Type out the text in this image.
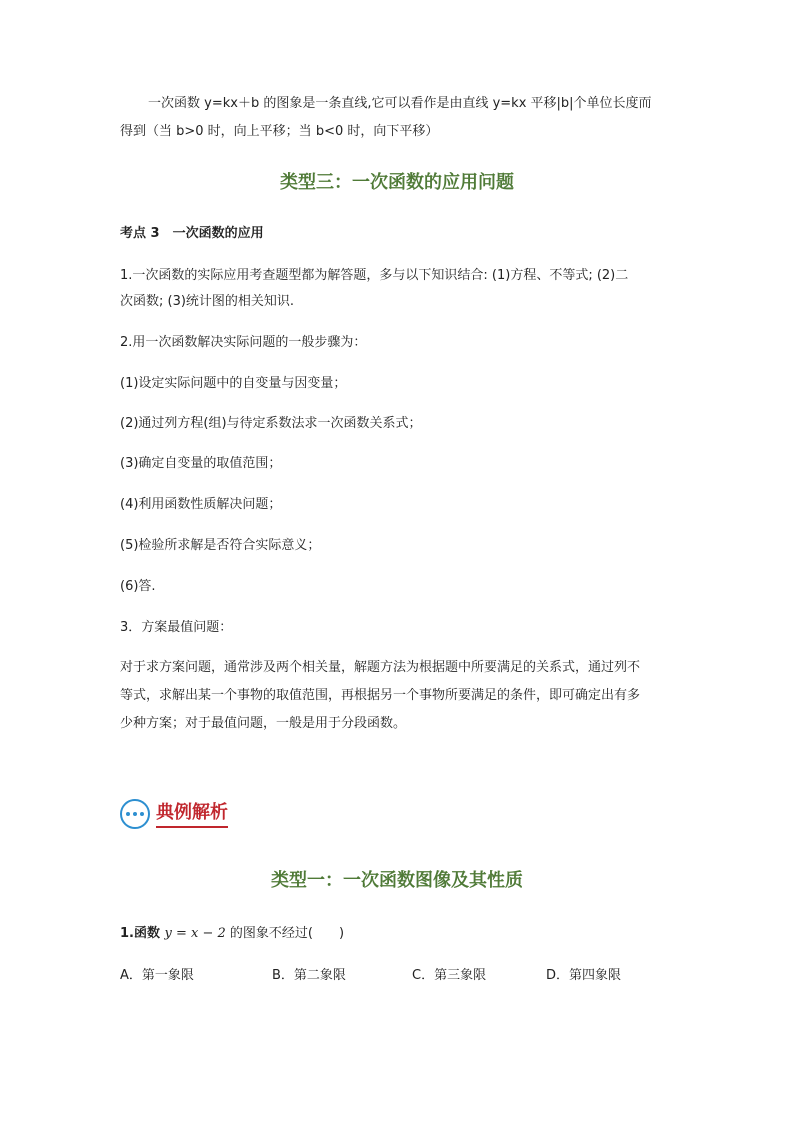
一次函数 y=kx＋b 的图象是一条直线,它可以看作是由直线 y=kx 平移|b|个单位长度而

得到（当 b>0 时，向上平移；当 b<0 时，向下平移）

类型三：一次函数的应用问题

考点 3　一次函数的应用

1.一次函数的实际应用考查题型都为解答题，多与以下知识结合: (1)方程、不等式; (2)二

次函数; (3)统计图的相关知识.

2.用一次函数解决实际问题的一般步骤为：

(1)设定实际问题中的自变量与因变量；

(2)通过列方程(组)与待定系数法求一次函数关系式；

(3)确定自变量的取值范围；

(4)利用函数性质解决问题；

(5)检验所求解是否符合实际意义；

(6)答.

3．方案最值问题：

对于求方案问题，通常涉及两个相关量，解题方法为根据题中所要满足的关系式，通过列不

等式，求解出某一个事物的取值范围，再根据另一个事物所要满足的条件，即可确定出有多

少种方案；对于最值问题，一般是用于分段函数。

典例解析
类型一：一次函数图像及其性质

1.函数 y = x − 2 的图象不经过(　　)

A．第一象限	B．第二象限	C．第三象限	D．第四象限
